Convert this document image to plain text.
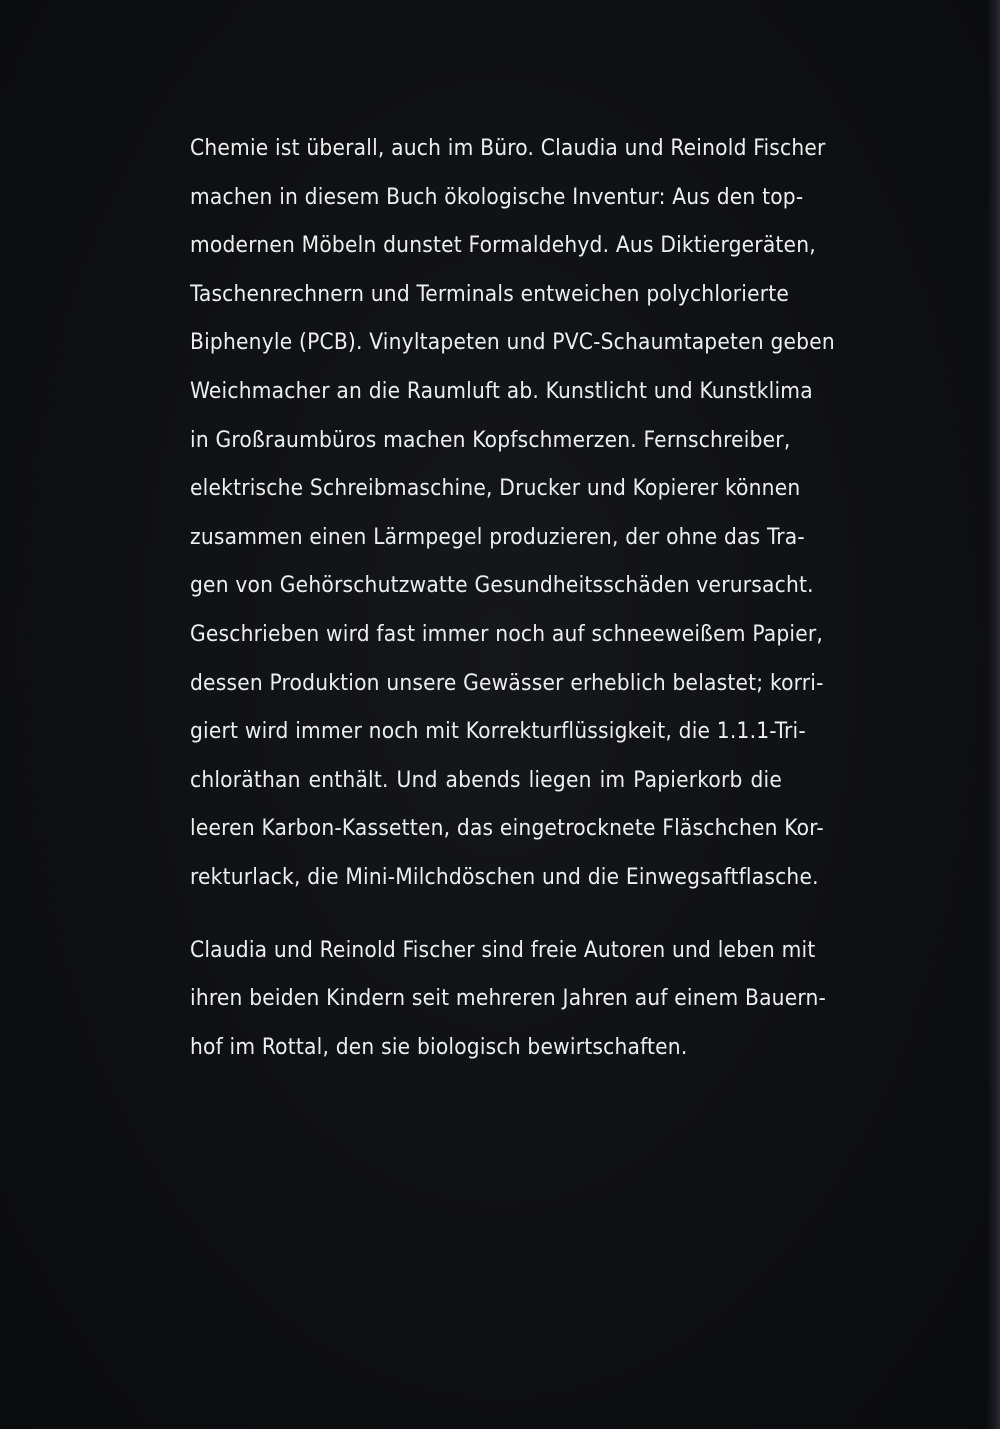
Chemie ist überall, auch im Büro. Claudia und Reinold Fischer
machen in diesem Buch ökologische Inventur: Aus den top-
modernen Möbeln dunstet Formaldehyd. Aus Diktiergeräten,
Taschenrechnern und Terminals entweichen polychlorierte
Biphenyle (PCB). Vinyltapeten und PVC-Schaumtapeten geben
Weichmacher an die Raumluft ab. Kunstlicht und Kunstklima
in Großraumbüros machen Kopfschmerzen. Fernschreiber,
elektrische Schreibmaschine, Drucker und Kopierer können
zusammen einen Lärmpegel produzieren, der ohne das Tra-
gen von Gehörschutzwatte Gesundheitsschäden verursacht.
Geschrieben wird fast immer noch auf schneeweißem Papier,
dessen Produktion unsere Gewässer erheblich belastet; korri-
giert wird immer noch mit Korrekturflüssigkeit, die 1.1.1-Tri-
chloräthan enthält. Und abends liegen im Papierkorb die
leeren Karbon-Kassetten, das eingetrocknete Fläschchen Kor-
rekturlack, die Mini-Milchdöschen und die Einwegsaftflasche.
Claudia und Reinold Fischer sind freie Autoren und leben mit
ihren beiden Kindern seit mehreren Jahren auf einem Bauern-
hof im Rottal, den sie biologisch bewirtschaften.
